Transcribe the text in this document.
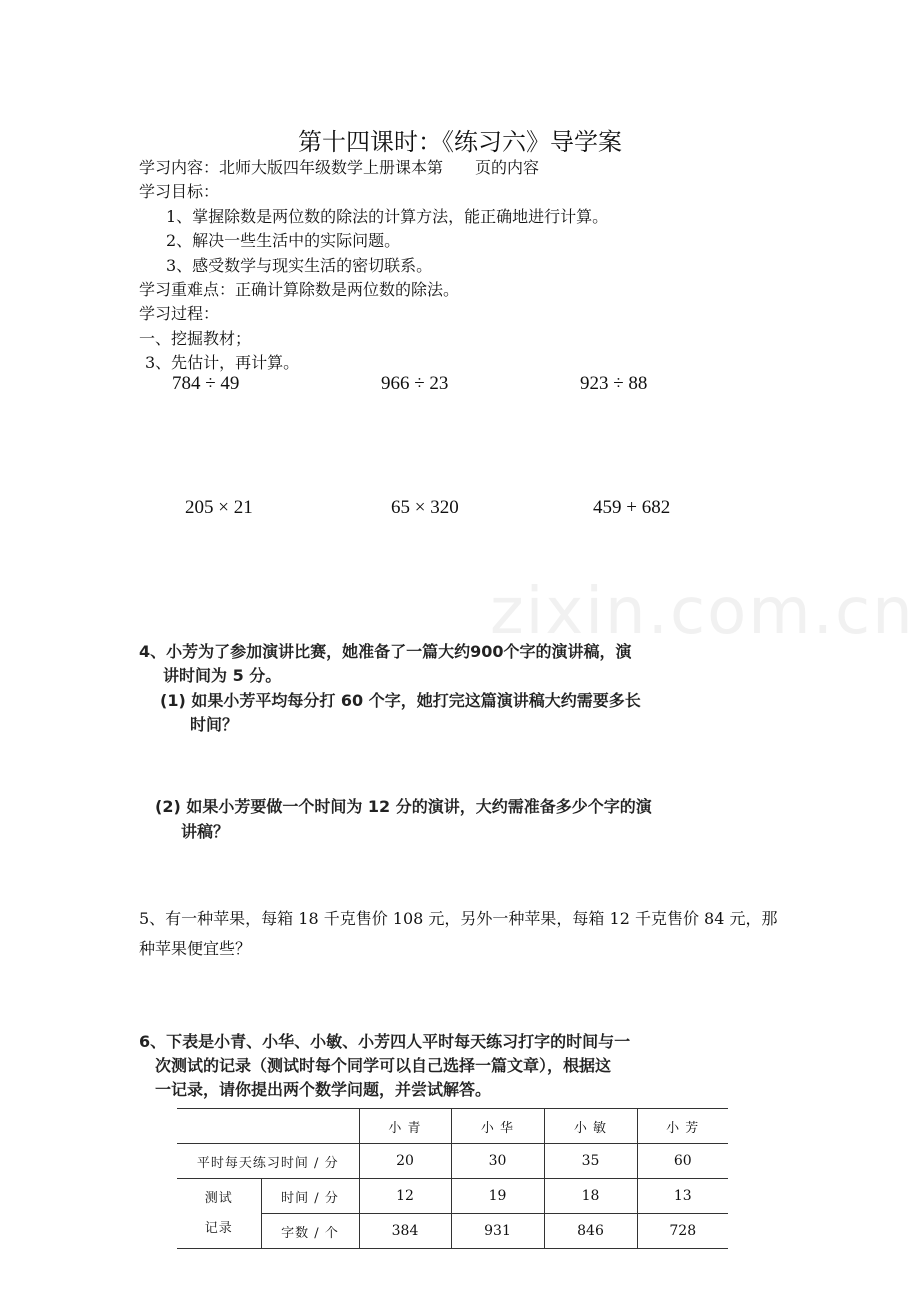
zixin.com.cn
第十四课时：《练习六》导学案
学习内容：北师大版四年级数学上册课本第　　页的内容
学习目标：
1、掌握除数是两位数的除法的计算方法，能正确地进行计算。
2、解决一些生活中的实际问题。
3、感受数学与现实生活的密切联系。
学习重难点：正确计算除数是两位数的除法。
学习过程：
一、挖掘教材；
3、先估计，再计算。
784 ÷ 49	966 ÷ 23	923 ÷ 88
205 × 21	65 × 320	459 + 682
4、小芳为了参加演讲比赛，她准备了一篇大约900个字的演讲稿，演
讲时间为 5 分。
(1) 如果小芳平均每分打 60 个字，她打完这篇演讲稿大约需要多长
时间？
(2) 如果小芳要做一个时间为 12 分的演讲，大约需准备多少个字的演
讲稿？
5、有一种苹果，每箱 18 千克售价 108 元，另外一种苹果，每箱 12 千克售价 84 元，那种苹果便宜些？
6、下表是小青、小华、小敏、小芳四人平时每天练习打字的时间与一
次测试的记录（测试时每个同学可以自己选择一篇文章），根据这
一记录，请你提出两个数学问题，并尝试解答。
		小 青	小 华	小 敏	小 芳
平时每天练习时间 / 分		20	30	35	60

测试
记录	时间 / 分	12	19	18	13
	字数 / 个	384	931	846	728
